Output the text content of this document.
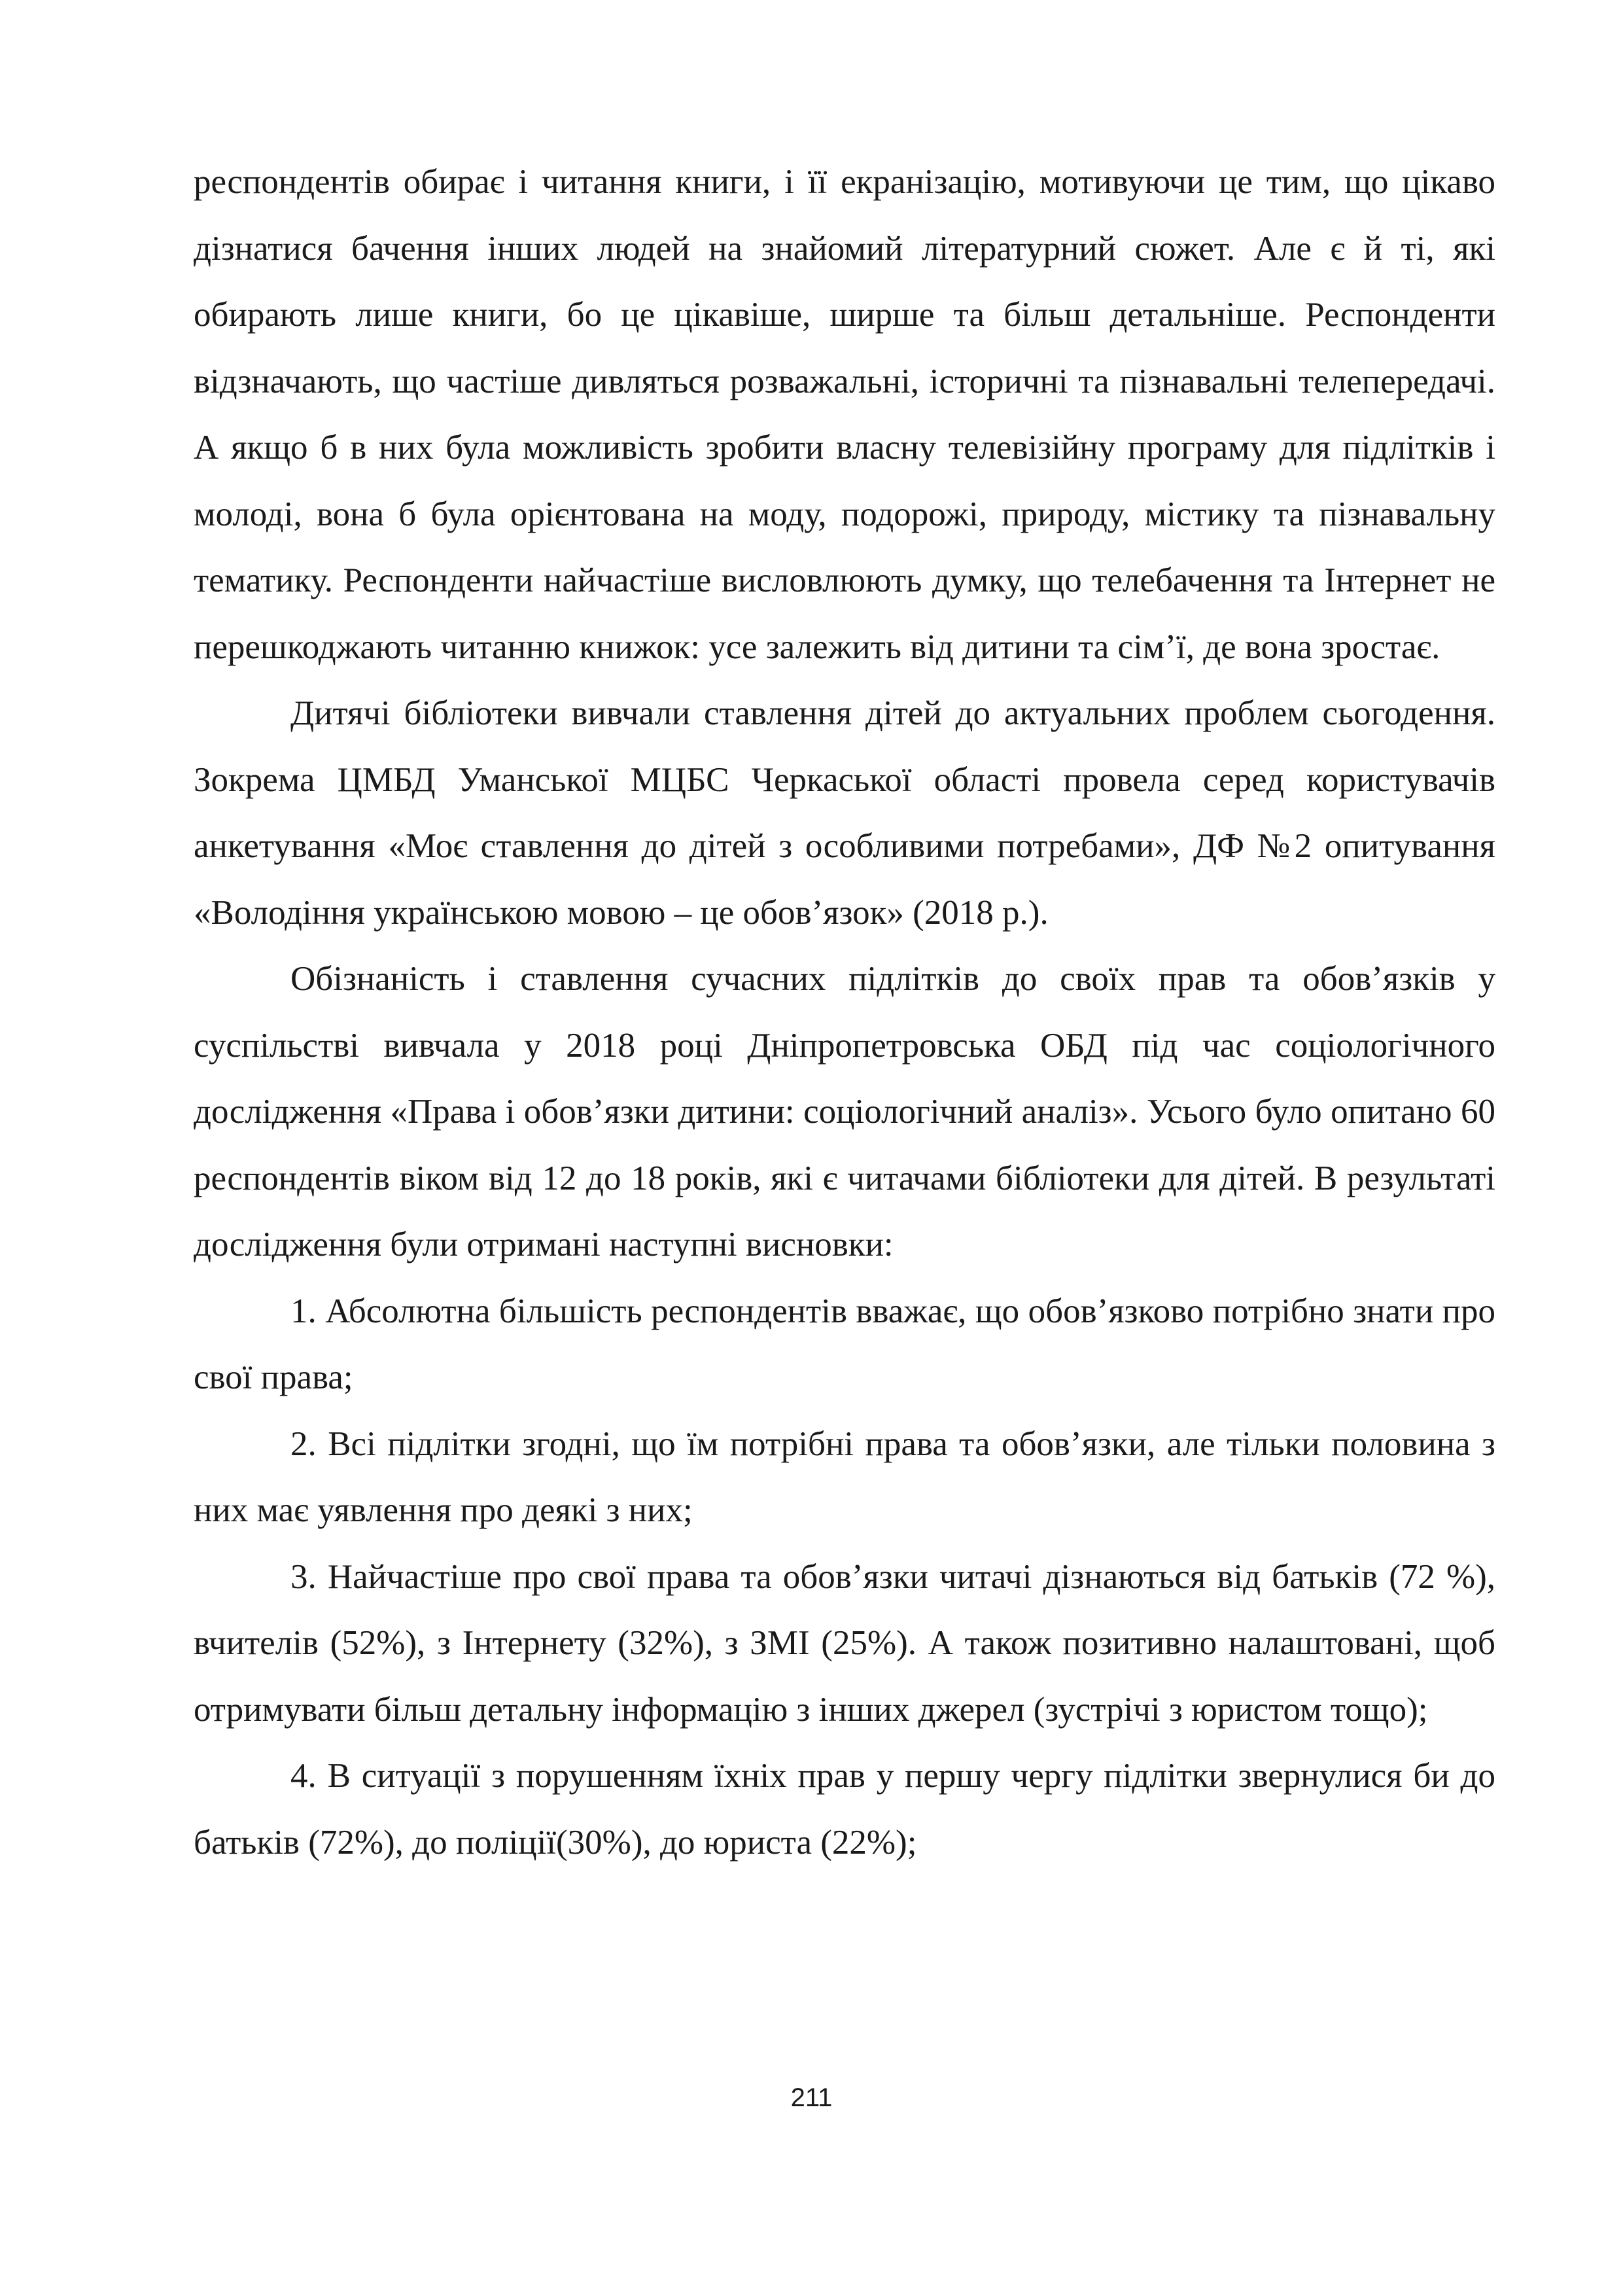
респондентів обирає і читання книги, і її екранізацію, мотивуючи це тим, що цікаво дізнатися бачення інших людей на знайомий літературний сюжет. Але є й ті, які обирають лише книги, бо це цікавіше, ширше та більш детальніше. Респонденти відзначають, що частіше дивляться розважальні, історичні та пізнавальні телепередачі. А якщо б в них була можливість зробити власну телевізійну програму для підлітків і молоді, вона б була орієнтована на моду, подорожі, природу, містику та пізнавальну тематику. Респонденти найчастіше висловлюють думку, що телебачення та Інтернет не перешкоджають читанню книжок: усе залежить від дитини та сім’ї, де вона зростає.

Дитячі бібліотеки вивчали ставлення дітей до актуальних проблем сьогодення. Зокрема ЦМБД Уманської МЦБС Черкаської області провела серед користувачів анкетування «Моє ставлення до дітей з особливими потребами», ДФ №2 опитування «Володіння українською мовою – це обов’язок» (2018 р.).

Обізнаність і ставлення сучасних підлітків до своїх прав та обов’язків у суспільстві вивчала у 2018 році Дніпропетровська ОБД під час соціологічного дослідження «Права і обов’язки дитини: соціологічний аналіз». Усього було опитано 60 респондентів віком від 12 до 18 років, які є читачами бібліотеки для дітей. В результаті дослідження були отримані наступні висновки:

1. Абсолютна більшість респондентів вважає, що обов’язково потрібно знати про свої права;

2. Всі підлітки згодні, що їм потрібні права та обов’язки, але тільки половина з них має уявлення про деякі з них;

3. Найчастіше про свої права та обов’язки читачі дізнаються від батьків (72 %), вчителів (52%), з Інтернету (32%), з ЗМІ (25%). А також позитивно налаштовані, щоб отримувати більш детальну інформацію з інших джерел (зустрічі з юристом тощо);

4. В ситуації з порушенням їхніх прав у першу чергу підлітки звернулися би до батьків (72%), до поліції(30%), до юриста (22%);

211
